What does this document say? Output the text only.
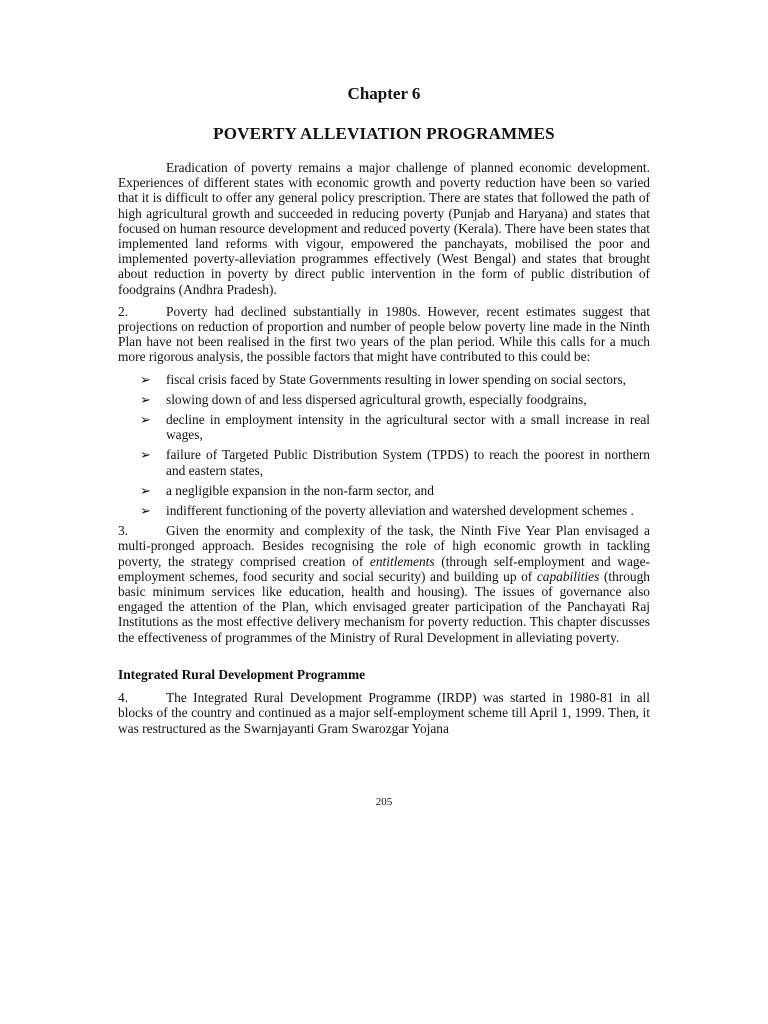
Chapter 6
POVERTY ALLEVIATION PROGRAMMES

Eradication of poverty remains a major challenge of planned economic development. Experiences of different states with economic growth and poverty reduction have been so varied that it is difficult to offer any general policy prescription. There are states that followed the path of high agricultural growth and succeeded in reducing poverty (Punjab and Haryana) and states that focused on human resource development and reduced poverty (Kerala). There have been states that implemented land reforms with vigour, empowered the panchayats, mobilised the poor and implemented poverty-alleviation programmes effectively (West Bengal) and states that brought about reduction in poverty by direct public intervention in the form of public distribution of foodgrains (Andhra Pradesh).

2.	Poverty had declined substantially in 1980s. However, recent estimates suggest that projections on reduction of proportion and number of people below poverty line made in the Ninth Plan have not been realised in the first two years of the plan period. While this calls for a much more rigorous analysis, the possible factors that might have contributed to this could be:

➢ fiscal crisis faced by State Governments resulting in lower spending on social sectors,
➢ slowing down of and less dispersed agricultural growth, especially foodgrains,
➢ decline in employment intensity in the agricultural sector with a small increase in real wages,
➢ failure of Targeted Public Distribution System (TPDS) to reach the poorest in northern and eastern states,
➢ a negligible expansion in the non-farm sector, and
➢ indifferent functioning of the poverty alleviation and watershed development schemes .

3.	Given the enormity and complexity of the task, the Ninth Five Year Plan envisaged a multi-pronged approach. Besides recognising the role of high economic growth in tackling poverty, the strategy comprised creation of entitlements (through self-employment and wage-employment schemes, food security and social security) and building up of capabilities (through basic minimum services like education, health and housing). The issues of governance also engaged the attention of the Plan, which envisaged greater participation of the Panchayati Raj Institutions as the most effective delivery mechanism for poverty reduction. This chapter discusses the effectiveness of programmes of the Ministry of Rural Development in alleviating poverty.

Integrated Rural Development Programme

4.	The Integrated Rural Development Programme (IRDP) was started in 1980-81 in all blocks of the country and continued as a major self-employment scheme till April 1, 1999. Then, it was restructured as the Swarnjayanti Gram Swarozgar Yojana

205
